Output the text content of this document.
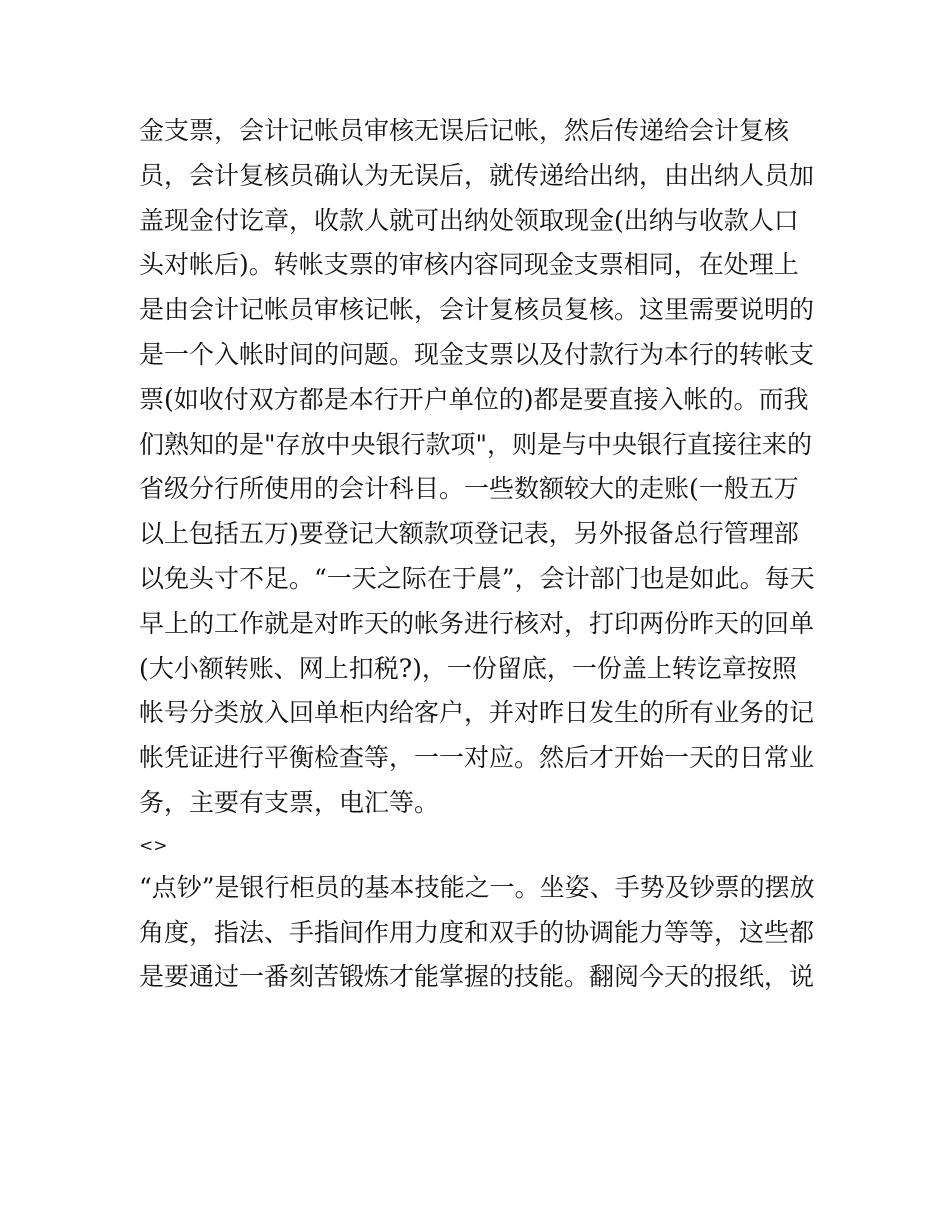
金支票，会计记帐员审核无误后记帐，然后传递给会计复核

员，会计复核员确认为无误后，就传递给出纳，由出纳人员加

盖现金付讫章，收款人就可出纳处领取现金(出纳与收款人口

头对帐后)。转帐支票的审核内容同现金支票相同，在处理上

是由会计记帐员审核记帐，会计复核员复核。这里需要说明的

是一个入帐时间的问题。现金支票以及付款行为本行的转帐支

票(如收付双方都是本行开户单位的)都是要直接入帐的。而我

们熟知的是"存放中央银行款项"，则是与中央银行直接往来的

省级分行所使用的会计科目。一些数额较大的走账(一般五万

以上包括五万)要登记大额款项登记表，另外报备总行管理部

以免头寸不足。“一天之际在于晨”，会计部门也是如此。每天

早上的工作就是对昨天的帐务进行核对，打印两份昨天的回单

(大小额转账、网上扣税?)，一份留底，一份盖上转讫章按照

帐号分类放入回单柜内给客户，并对昨日发生的所有业务的记

帐凭证进行平衡检查等，一一对应。然后才开始一天的日常业

务，主要有支票，电汇等。

<>

“点钞”是银行柜员的基本技能之一。坐姿、手势及钞票的摆放

角度，指法、手指间作用力度和双手的协调能力等等，这些都

是要通过一番刻苦锻炼才能掌握的技能。翻阅今天的报纸，说
